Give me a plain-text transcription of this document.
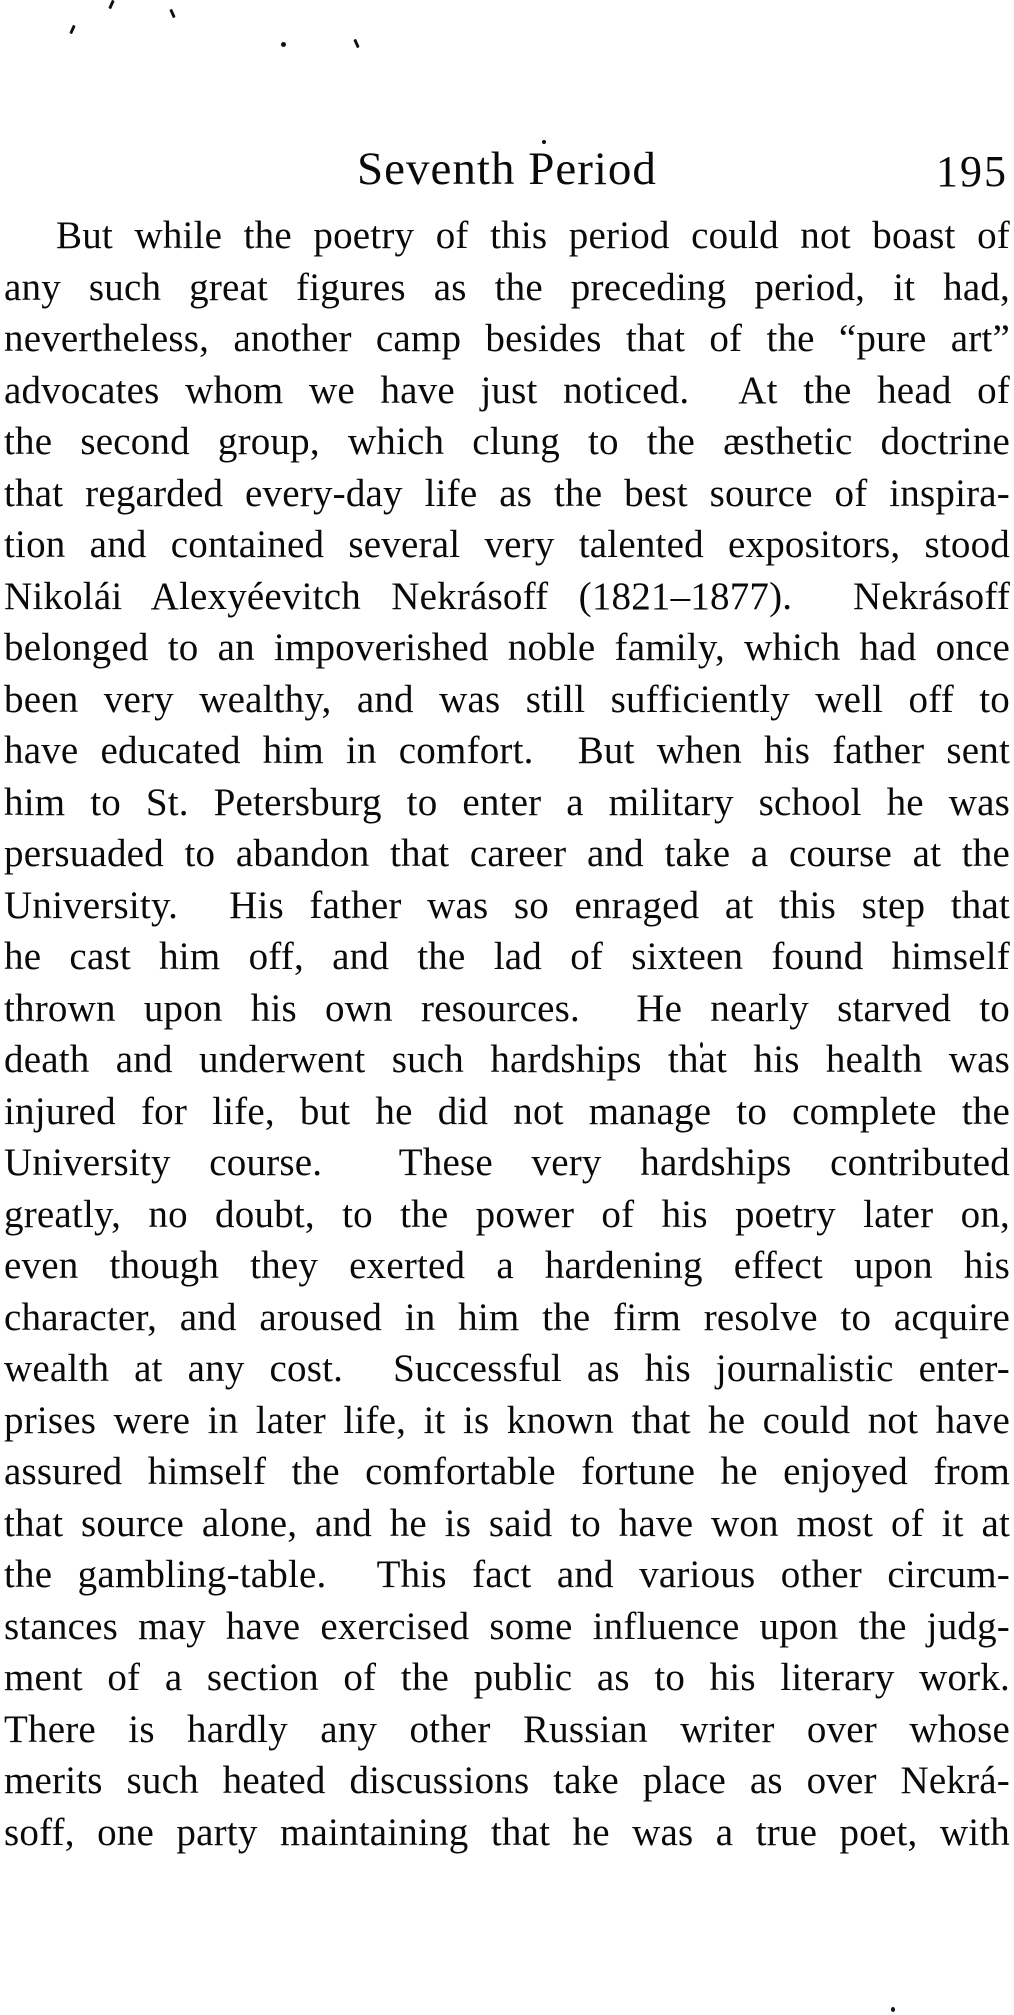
Seventh Period	195
But while the poetry of this period could not boast of
any such great figures as the preceding period, it had,
nevertheless, another camp besides that of the “pure art”
advocates whom we have just noticed.  At the head of
the second group, which clung to the æsthetic doctrine
that regarded every-day life as the best source of inspira-
tion and contained several very talented expositors, stood
Nikolái Alexyéevitch Nekrásoff (1821–1877).  Nekrásoff
belonged to an impoverished noble family, which had once
been very wealthy, and was still sufficiently well off to
have educated him in comfort.  But when his father sent
him to St. Petersburg to enter a military school he was
persuaded to abandon that career and take a course at the
University.  His father was so enraged at this step that
he cast him off, and the lad of sixteen found himself
thrown upon his own resources.  He nearly starved to
death and underwent such hardships that his health was
injured for life, but he did not manage to complete the
University course.  These very hardships contributed
greatly, no doubt, to the power of his poetry later on,
even though they exerted a hardening effect upon his
character, and aroused in him the firm resolve to acquire
wealth at any cost.  Successful as his journalistic enter-
prises were in later life, it is known that he could not have
assured himself the comfortable fortune he enjoyed from
that source alone, and he is said to have won most of it at
the gambling-table.  This fact and various other circum-
stances may have exercised some influence upon the judg-
ment of a section of the public as to his literary work.
There is hardly any other Russian writer over whose
merits such heated discussions take place as over Nekrá-
soff, one party maintaining that he was a true poet, with
